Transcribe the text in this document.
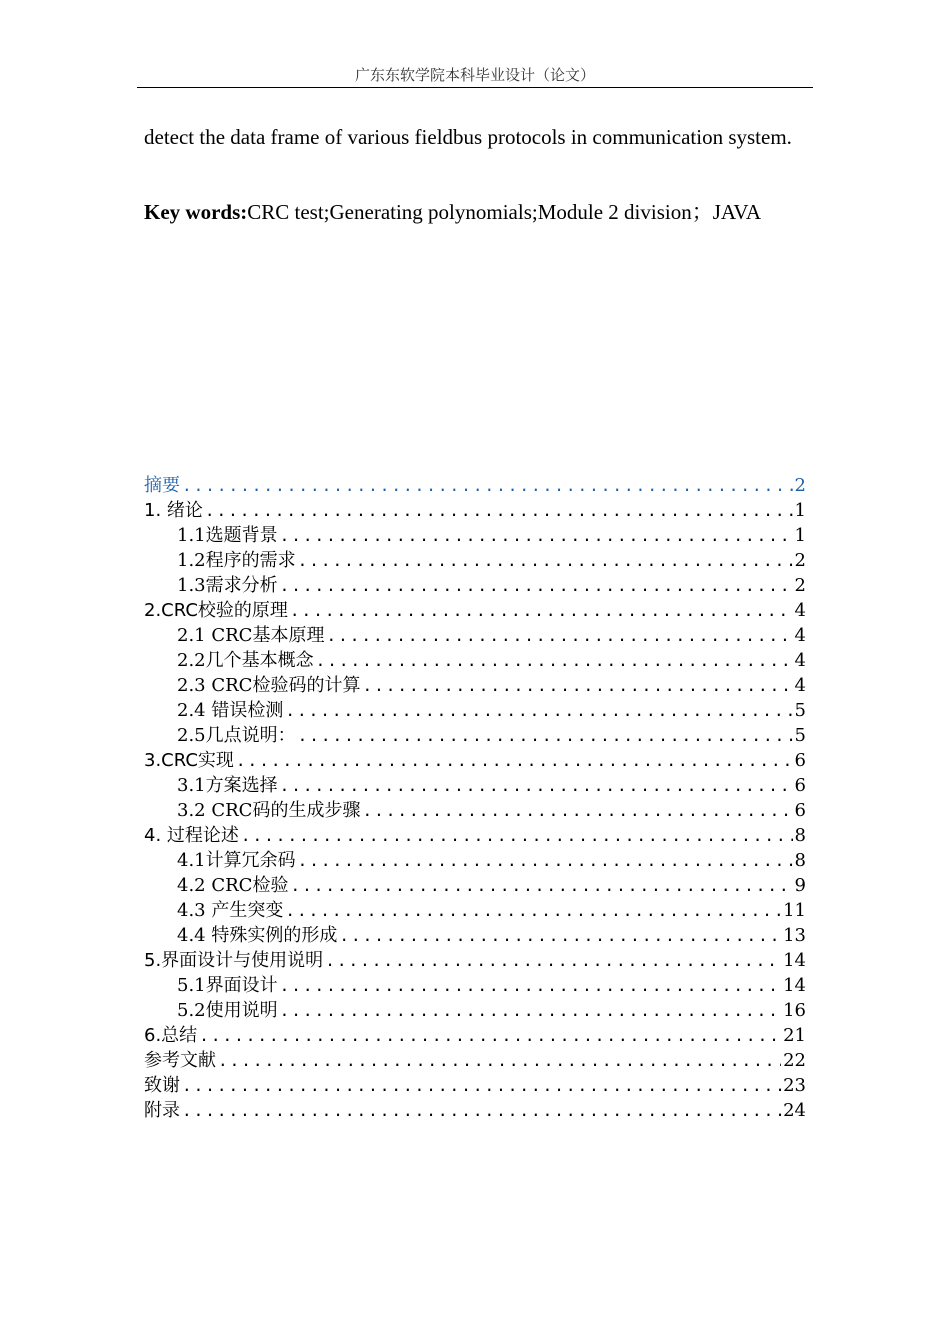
广东东软学院本科毕业设计（论文）
detect the data frame of various fieldbus protocols in communication system.
Key words:CRC test;Generating polynomials;Module 2 division；JAVA
摘要 .....	2
1. 绪论 .....	1
1.1选题背景 .....	1
1.2程序的需求 .....	2
1.3需求分析 .....	2
2.CRC校验的原理 .....	4
2.1 CRC基本原理 .....	4
2.2几个基本概念 .....	4
2.3 CRC检验码的计算 .....	4
2.4 错误检测 .....	5
2.5几点说明： .....	5
3.CRC实现 .....	6
3.1方案选择 .....	6
3.2 CRC码的生成步骤 .....	6
4. 过程论述 .....	8
4.1计算冗余码 .....	8
4.2 CRC检验 .....	9
4.3 产生突变 .....	11
4.4 特殊实例的形成 .....	13
5.界面设计与使用说明 .....	14
5.1界面设计 .....	14
5.2使用说明 .....	16
6.总结 .....	21
参考文献 .....	22
致谢 .....	23
附录 .....	24
